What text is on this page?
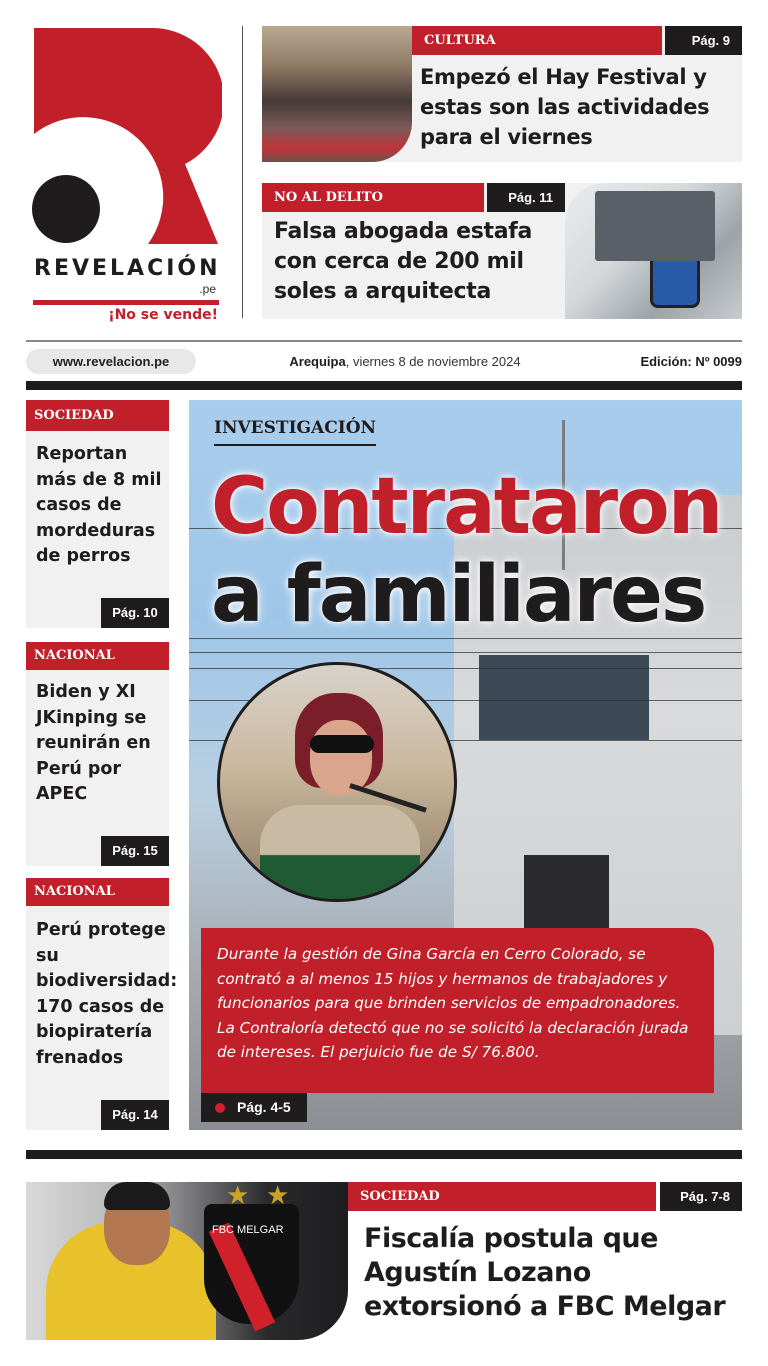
REVELACIÓN
.pe
¡No se vende!
CULTURA	Pág. 9
Empezó el Hay Festival y estas son las actividades para el viernes
NO AL DELITO	Pág. 11
Falsa abogada estafa con cerca de 200 mil soles a arquitecta
www.revelacion.pe	Arequipa, viernes 8 de noviembre 2024	Edición: Nº 0099
SOCIEDAD
Reportan más de 8 mil casos de mordeduras de perros
Pág. 10
NACIONAL
Biden y XI JKinping se reunirán en Perú por APEC
Pág. 15
NACIONAL
Perú protege su biodiversidad: 170 casos de biopiratería frenados
Pág. 14
INVESTIGACIÓN
Contrataron
a familiares
Durante la gestión de Gina García en Cerro Colorado, se contrató a al menos 15 hijos y hermanos de trabajadores y funcionarios para que brinden servicios de empadronadores. La Contraloría detectó que no se solicitó la declaración jurada de intereses. El perjuicio fue de S/ 76.800.
Pág. 4-5
★ ★
FBC MELGAR
SOCIEDAD	Pág. 7-8
Fiscalía postula que Agustín Lozano extorsionó a FBC Melgar
